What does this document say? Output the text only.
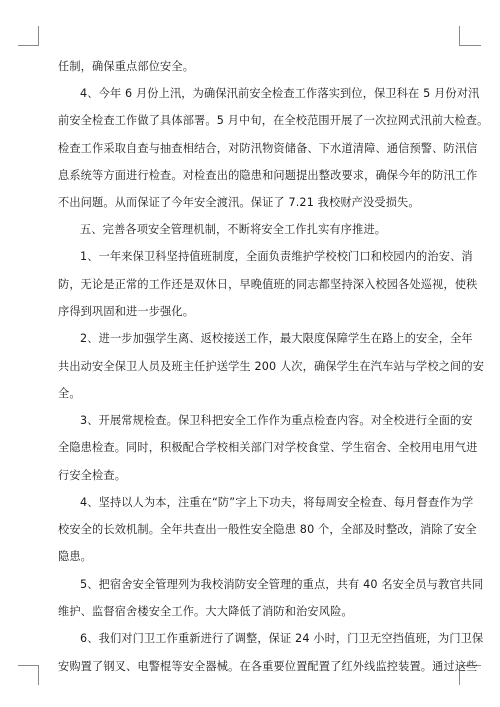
任制，确保重点部位安全。
4、今年 6 月份上汛，为确保汛前安全检查工作落实到位，保卫科在 5 月份对汛
前安全检查工作做了具体部署。5 月中旬，在全校范围开展了一次拉网式汛前大检查。
检查工作采取自查与抽查相结合，对防汛物资储备、下水道清障、通信预警、防汛信
息系统等方面进行检查。对检查出的隐患和问题提出整改要求，确保今年的防汛工作
不出问题。从而保证了今年安全渡汛。保证了 7.21 我校财产没受损失。
五、完善各项安全管理机制，不断将安全工作扎实有序推进。
1、一年来保卫科坚持值班制度，全面负责维护学校校门口和校园内的治安、消
防，无论是正常的工作还是双休日，早晚值班的同志都坚持深入校园各处巡视，使秩
序得到巩固和进一步强化。
2、进一步加强学生离、返校接送工作，最大限度保障学生在路上的安全，全年
共出动安全保卫人员及班主任护送学生 200 人次，确保学生在汽车站与学校之间的安
全。
3、开展常规检查。保卫科把安全工作作为重点检查内容。对全校进行全面的安
全隐患检查。同时，积极配合学校相关部门对学校食堂、学生宿舍、全校用电用气进
行安全检查。
4、坚持以人为本，注重在“防”字上下功夫，将每周安全检查、每月督查作为学
校安全的长效机制。全年共查出一般性安全隐患 80 个，全部及时整改，消除了安全
隐患。
5、把宿舍安全管理列为我校消防安全管理的重点，共有 40 名安全员与教官共同
维护、监督宿舍楼安全工作。大大降低了消防和治安风险。
6、我们对门卫工作重新进行了调整，保证 24 小时，门卫无空挡值班，为门卫保
安购置了钢叉、电警棍等安全器械。在各重要位置配置了红外线监控装置。通过这些
